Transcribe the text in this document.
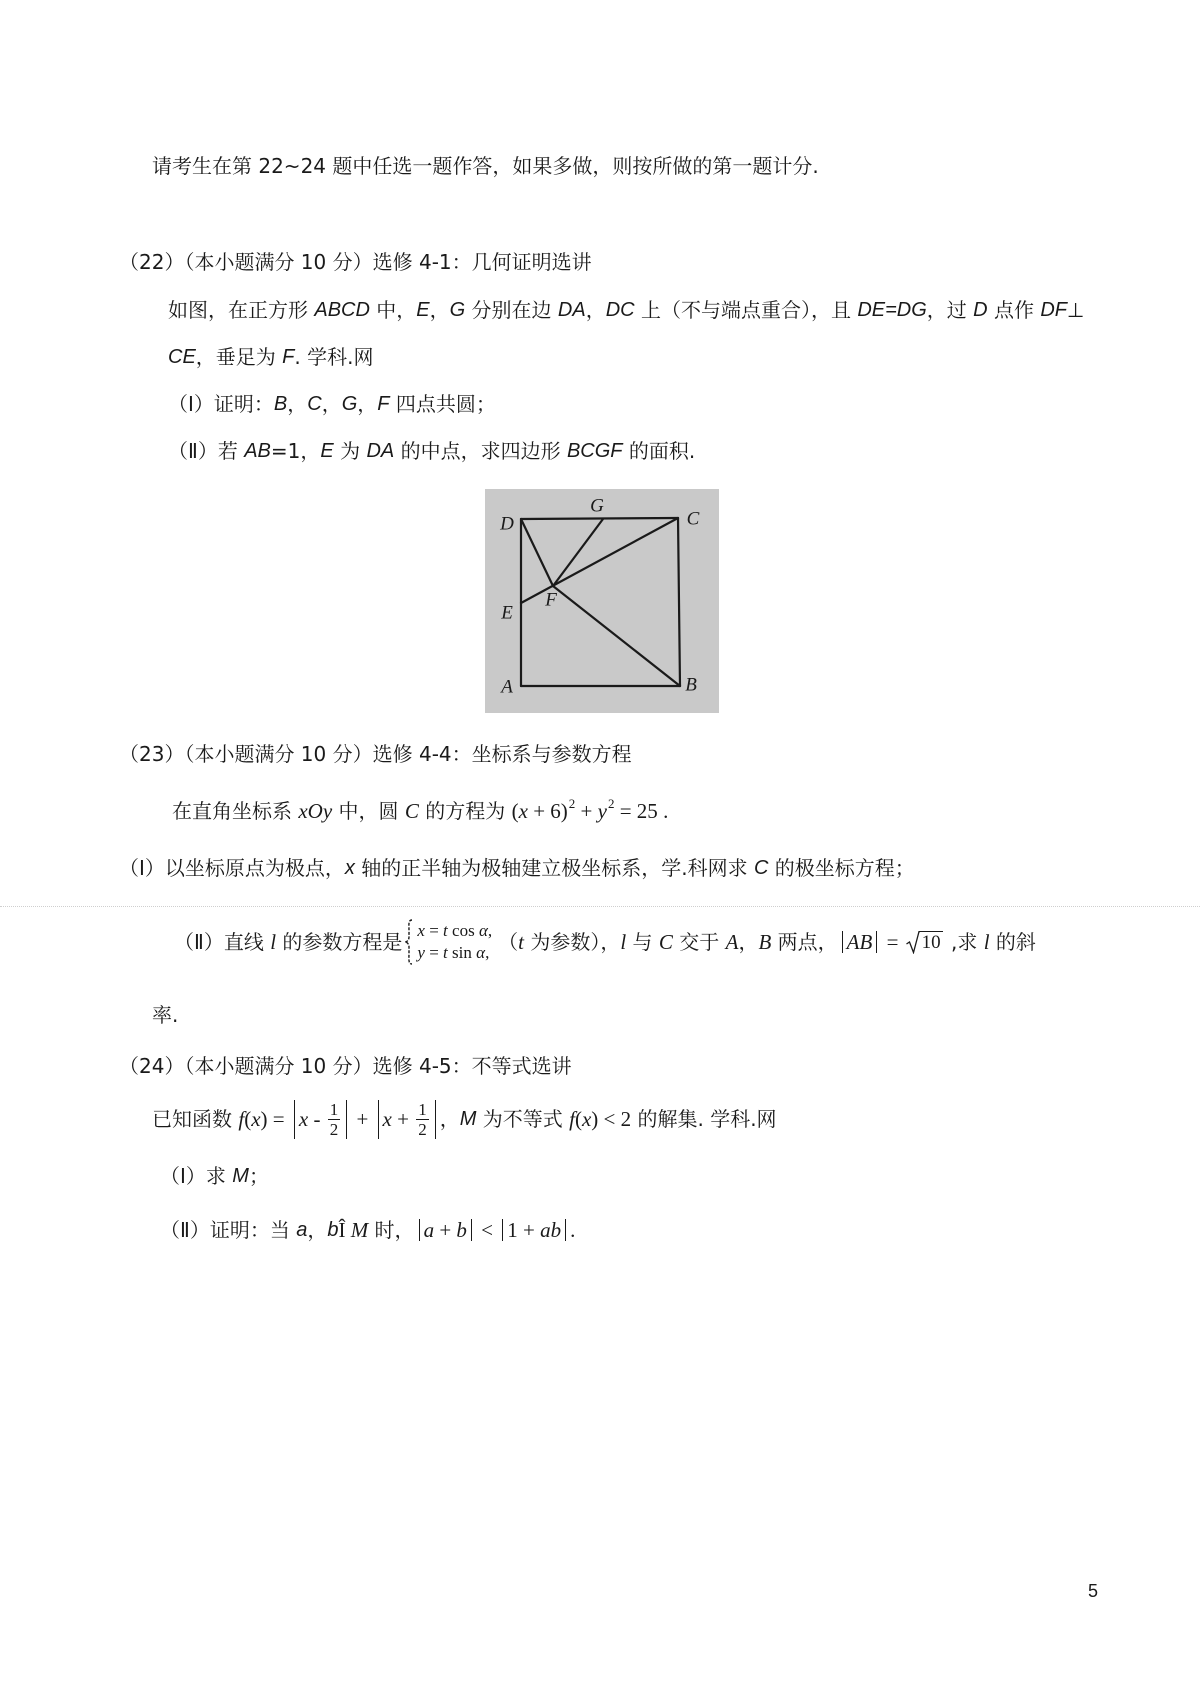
请考生在第 22~24 题中任选一题作答，如果多做，则按所做的第一题计分.
（22）（本小题满分 10 分）选修 4-1：几何证明选讲
如图，在正方形 ABCD 中， E ， G 分别在边 DA ， DC 上（不与端点重合），且 DE=DG ，过 D 点作 DF ⊥
CE ，垂足为 F . 学科.网
（Ⅰ）证明： B ， C ， G ， F 四点共圆；
（Ⅱ）若 AB =1， E 为 DA 的中点，求四边形 BCGF 的面积.
D
G
C
E
F
A	B
（23）（本小题满分 10 分）选修 4-4：坐标系与参数方程
在直角坐标系 xOy 中，圆 C 的方程为 ( x + 6) 2 + y 2 = 25 .
（Ⅰ）以坐标原点为极点， x 轴的正半轴为极轴建立极坐标系，学.科网求 C 的极坐标方程；
（Ⅱ）直线 l 的参数方程是 x = t cos α ,
y = t sin α , （ t 为参数）， l 与 C 交于 A ， B 两点， AB = 10 ,求 l 的斜
率.
（24）（本小题满分 10 分）选修 4-5：不等式选讲
已知函数 f ( x ) = $x - \frac{1}{2} + x + \frac{1}{2}$ ， M 为不等式 f ( x ) < 2 的解集. 学科.网
（Ⅰ）求 M ；
（Ⅱ）证明：当 a ， b Î M 时， a + b < 1 + ab .
5
